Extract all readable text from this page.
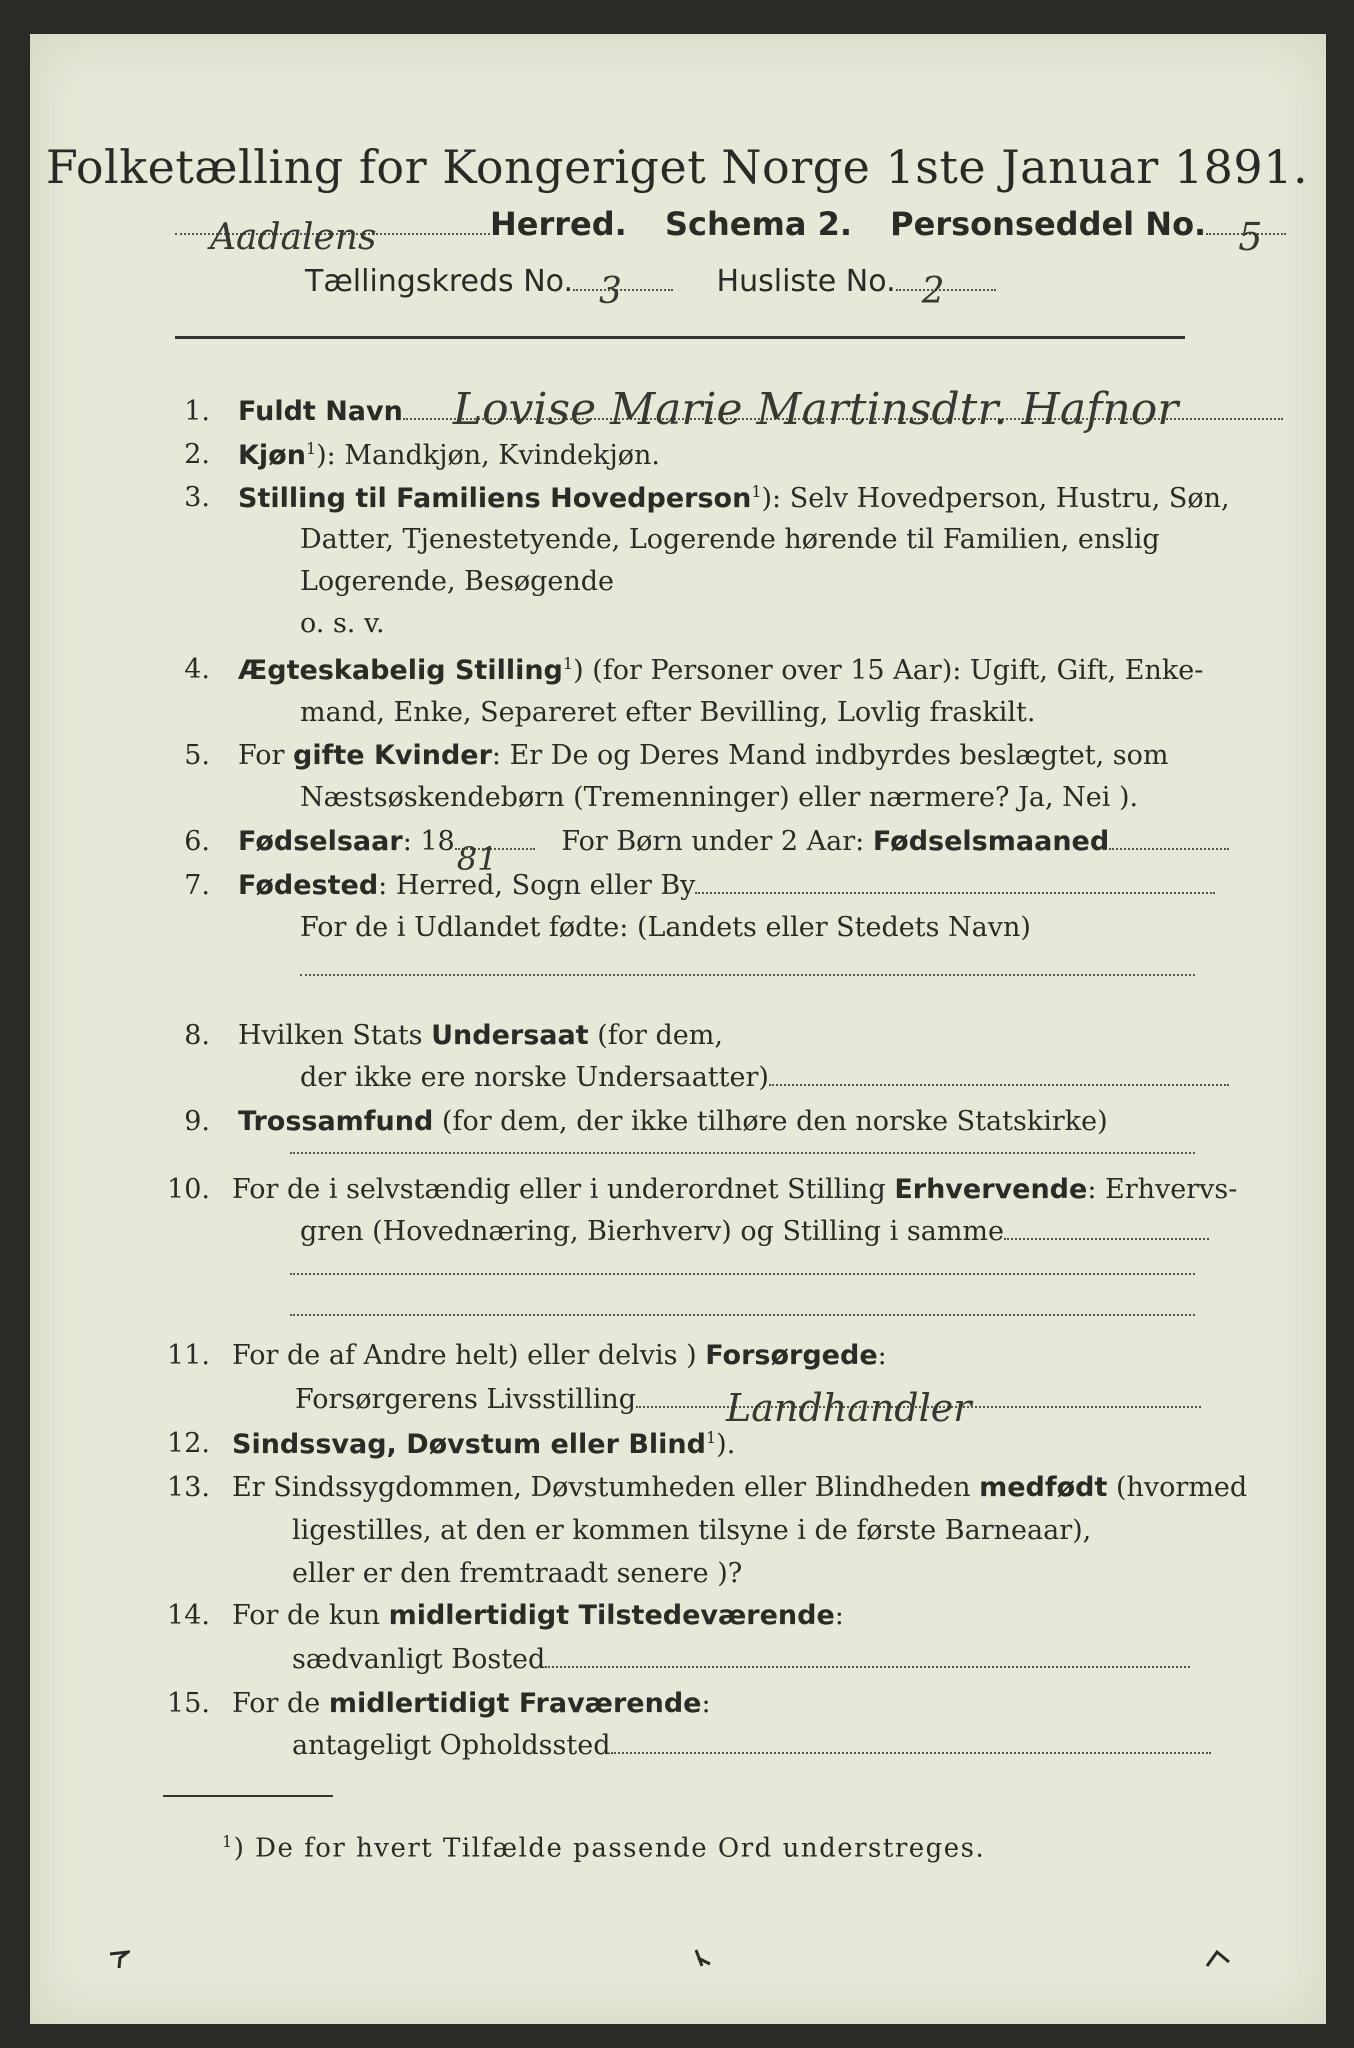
Folketælling for Kongeriget Norge 1ste Januar 1891.
Aadalens	Herred. Schema 2. Personseddel No. 5
Tællingskreds No. 3	Husliste No. 2
1. Fuldt Navn Lovise Marie Martinsdtr. Hafnor
2. Kjøn$^1$): Mandkjøn, Kvindekjøn.
3. Stilling til Familiens Hovedperson$^1$): Selv Hovedperson, Hustru, Søn,
Datter, Tjenestetyende, Logerende hørende til Familien, enslig
Logerende, Besøgende
o. s. v.
4. Ægteskabelig Stilling$^1$) (for Personer over 15 Aar): Ugift, Gift, Enke-
mand, Enke, Separeret efter Bevilling, Lovlig fraskilt.
5. For gifte Kvinder: Er De og Deres Mand indbyrdes beslægtet, som
Næstsøskendebørn (Tremenninger) eller nærmere? Ja, Nei ).
6. Fødselsaar: 18 81 For Børn under 2 Aar: Fødselsmaaned
7. Fødested: Herred, Sogn eller By
For de i Udlandet fødte: (Landets eller Stedets Navn)
8. Hvilken Stats Undersaat (for dem,
der ikke ere norske Undersaatter)
9. Trossamfund (for dem, der ikke tilhøre den norske Statskirke)
10. For de i selvstændig eller i underordnet Stilling Erhvervende: Erhvervs-
gren (Hovednæring, Bierhverv) og Stilling i samme
11. For de af Andre helt) eller delvis ) Forsørgede:
Forsørgerens Livsstilling Landhandler
12. Sindssvag, Døvstum eller Blind$^1$).
13. Er Sindssygdommen, Døvstumheden eller Blindheden medfødt (hvormed
ligestilles, at den er kommen tilsyne i de første Barneaar),
eller er den fremtraadt senere )?
14. For de kun midlertidigt Tilstedeværende:
sædvanligt Bosted
15. For de midlertidigt Fraværende:
antageligt Opholdssted
$^1$) De for hvert Tilfælde passende Ord understreges.
